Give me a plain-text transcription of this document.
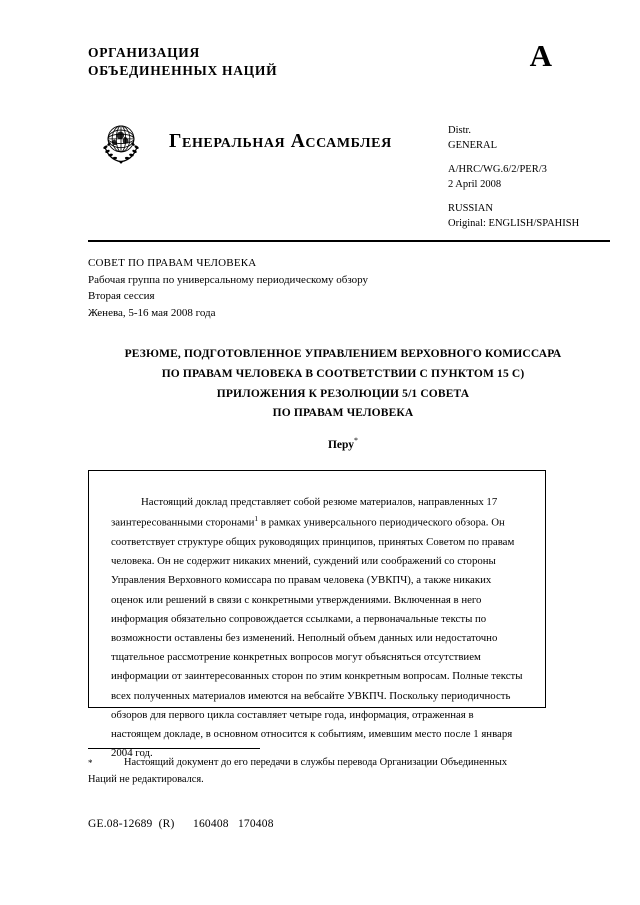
ОРГАНИЗАЦИЯ
ОБЪЕДИНЕННЫХ НАЦИЙ	A
Генеральная Ассамблея
Distr.
GENERAL
A/HRC/WG.6/2/PER/3
2 April 2008
RUSSIAN
Original: ENGLISH/SPAHISH
СОВЕТ ПО ПРАВАМ ЧЕЛОВЕКА
Рабочая группа по универсальному периодическому обзору
Вторая сессия
Женева, 5-16 мая 2008 года
РЕЗЮМЕ, ПОДГОТОВЛЕННОЕ УПРАВЛЕНИЕМ ВЕРХОВНОГО КОМИССАРА
ПО ПРАВАМ ЧЕЛОВЕКА В СООТВЕТСТВИИ С ПУНКТОМ 15 С)
ПРИЛОЖЕНИЯ К РЕЗОЛЮЦИИ 5/1 СОВЕТА
ПО ПРАВАМ ЧЕЛОВЕКА
Перу*
Настоящий доклад представляет собой резюме материалов, направленных 17 заинтересованными сторонами$^1$ в рамках универсального периодического обзора. Он соответствует структуре общих руководящих принципов, принятых Советом по правам человека. Он не содержит никаких мнений, суждений или соображений со стороны Управления Верховного комиссара по правам человека (УВКПЧ), а также никаких оценок или решений в связи с конкретными утверждениями. Включенная в него информация обязательно сопровождается ссылками, а первоначальные тексты по возможности оставлены без изменений. Неполный объем данных или недостаточно тщательное рассмотрение конкретных вопросов могут объясняться отсутствием информации от заинтересованных сторон по этим конкретным вопросам. Полные тексты всех полученных материалов имеются на вебсайте УВКПЧ. Поскольку периодичность обзоров для первого цикла составляет четыре года, информация, отраженная в настоящем докладе, в основном относится к событиям, имевшим место после 1 января 2004 год.
*	Настоящий документ до его передачи в службы перевода Организации Объединенных Наций не редактировался.
GE.08-12689  (R)      160408   170408
